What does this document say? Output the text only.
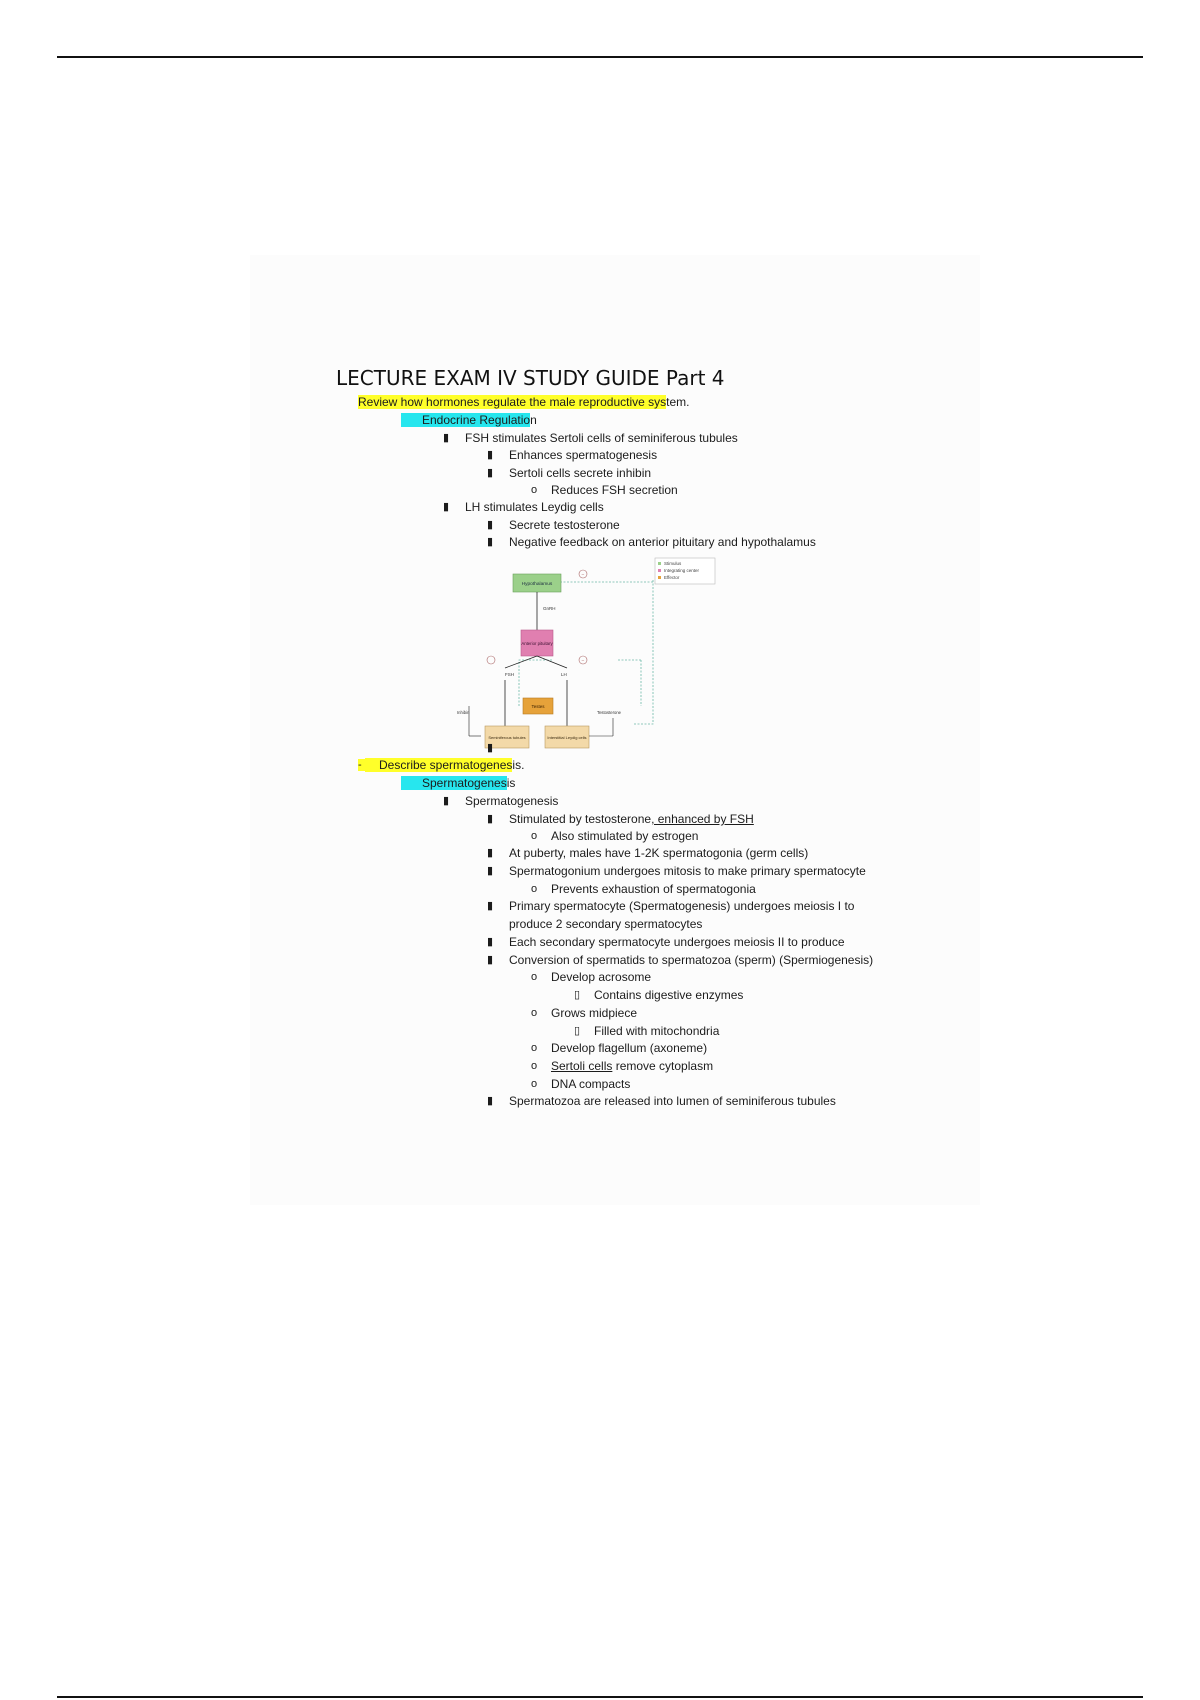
LECTURE EXAM IV STUDY GUIDE Part 4
Review how hormones regulate the male reproductive system.
Endocrine Regulation
▮ FSH stimulates Sertoli cells of seminiferous tubules
▮ Enhances spermatogenesis
▮ Sertoli cells secrete inhibin
o Reduces FSH secretion
▮ LH stimulates Leydig cells
▮ Secrete testosterone
▮ Negative feedback on anterior pituitary and hypothalamus
Stimulus
Integrating center
Effector
Hypothalamus
−
GnRH
Anterior pituitary
−
FSH	LH
Testes
Seminiferous tubules	Interstitial Leydig cells
Inhibin	Testosterone
▮
-	Describe spermatogenesis.
Spermatogenesis
▮ Spermatogenesis
▮ Stimulated by testosterone, enhanced by FSH
o Also stimulated by estrogen
▮ At puberty, males have 1-2K spermatogonia (germ cells)
▮ Spermatogonium undergoes mitosis to make primary spermatocyte
o Prevents exhaustion of spermatogonia
▮ Primary spermatocyte (Spermatogenesis) undergoes meiosis I to
produce 2 secondary spermatocytes
▮ Each secondary spermatocyte undergoes meiosis II to produce
▮ Conversion of spermatids to spermatozoa (sperm) (Spermiogenesis)
o Develop acrosome
▯ Contains digestive enzymes
o Grows midpiece
▯ Filled with mitochondria
o Develop flagellum (axoneme)
o Sertoli cells remove cytoplasm
o DNA compacts
▮ Spermatozoa are released into lumen of seminiferous tubules
